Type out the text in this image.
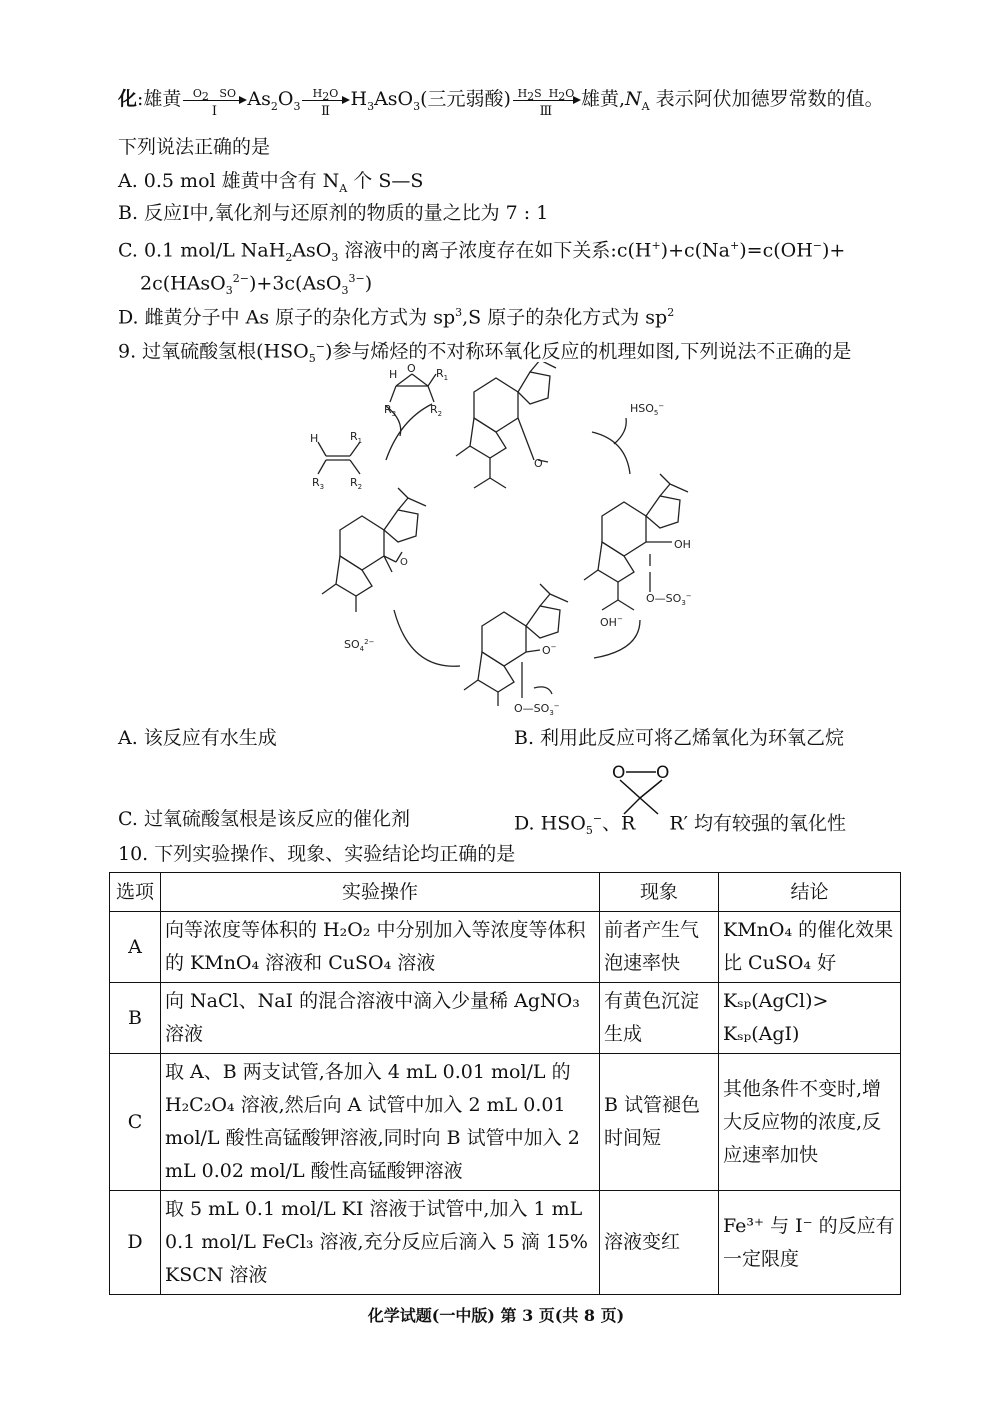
化:雄黄	$O_2$ SO
Ⅰ
$As_2O_3$
$H_2O$
Ⅱ
$H_3AsO_3$(三元弱酸) $H_2S$ $H_2O$
Ⅲ
雄黄$,N_A$ 表示阿伏加德罗常数的值。
下列说法正确的是
A. 0.5 mol 雄黄中含有 $N_A$ 个 S—S
B. 反应Ⅰ中,氧化剂与还原剂的物质的量之比为 7 : 1
C. 0.1 mol/L NaH$_2$AsO$_3$ 溶液中的离子浓度存在如下关系:c(H+)+c(Na+)=c(OH−)+
2c(HAsO$_3^{2-}$)+3c(AsO$_3^{3-}$)
D. 雌黄分子中 As 原子的杂化方式为 $sp^3,S$ 原子的杂化方式为 $sp^2$
9. 过氧硫酸氢根$(HSO_5^-)$参与烯烃的不对称环氧化反应的机理如图,下列说法不正确的是
H O $R_1$
$R_3$	$R_2$
H	$R_1$
$R_3$ $R_2$
O
$HSO_5^-$
OH
$O—SO_3^-$
OH−
O−
$O—SO_3^-$
$SO_4^{2-}$
O
A. 该反应有水生成	B. 利用此反应可将乙烯氧化为环氧乙烷
C. 过氧硫酸氢根是该反应的催化剂	D. $HSO_5^-$、R R′ 均有较强的氧化性
O O
10. 下列实验操作、现象、实验结论均正确的是
选项	实验操作	现象	结论
A	向等浓度等体积的 H₂O₂ 中分别加入等浓度等体积的 KMnO₄ 溶液和 CuSO₄ 溶液	前者产生气泡速率快	KMnO₄ 的催化效果比 CuSO₄ 好
B	向 NaCl、NaI 的混合溶液中滴入少量稀 AgNO₃ 溶液	有黄色沉淀生成	Kₛₚ(AgCl)> Kₛₚ(AgI)
C	取 A、B 两支试管,各加入 4 mL 0.01 mol/L 的 H₂C₂O₄ 溶液,然后向 A 试管中加入 2 mL 0.01 mol/L 酸性高锰酸钾溶液,同时向 B 试管中加入 2 mL 0.02 mol/L 酸性高锰酸钾溶液	B 试管褪色时间短	其他条件不变时,增大反应物的浓度,反应速率加快
D	取 5 mL 0.1 mol/L KI 溶液于试管中,加入 1 mL 0.1 mol/L FeCl₃ 溶液,充分反应后滴入 5 滴 15% KSCN 溶液	溶液变红	Fe³⁺ 与 I⁻ 的反应有一定限度
化学试题(一中版) 第 3 页(共 8 页)
